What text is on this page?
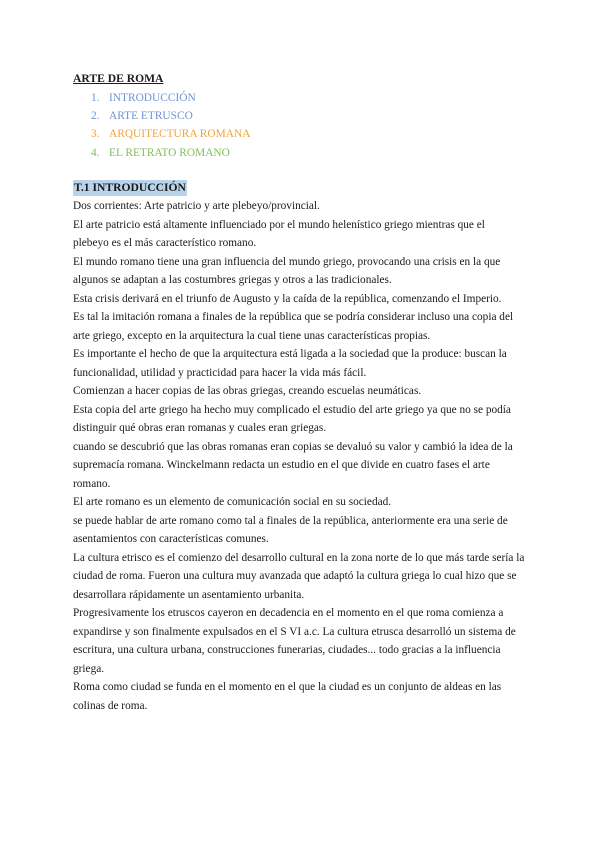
ARTE DE ROMA
1. INTRODUCCIÓN
2. ARTE ETRUSCO
3. ARQUITECTURA ROMANA
4. EL RETRATO ROMANO
T.1 INTRODUCCIÓN
Dos corrientes: Arte patricio y arte plebeyo/provincial.
El arte patricio está altamente influenciado por el mundo helenístico griego mientras que el
plebeyo es el más característico romano.
El mundo romano tiene una gran influencia del mundo griego, provocando una crisis en la que
algunos se adaptan a las costumbres griegas y otros a las tradicionales.
Esta crisis derivará en el triunfo de Augusto y la caída de la república, comenzando el Imperio.
Es tal la imitación romana a finales de la república que se podría considerar incluso una copia del
arte griego, excepto en la arquitectura la cual tiene unas características propias.
Es importante el hecho de que la arquitectura está ligada a la sociedad que la produce: buscan la
funcionalidad, utilidad y practicidad para hacer la vida más fácil.
Comienzan a hacer copias de las obras griegas, creando escuelas neumáticas.
Esta copia del arte griego ha hecho muy complicado el estudio del arte griego ya que no se podía
distinguir qué obras eran romanas y cuales eran griegas.
cuando se descubrió que las obras romanas eran copias se devaluó su valor y cambió la idea de la
supremacía romana. Winckelmann redacta un estudio en el que divide en cuatro fases el arte
romano.
El arte romano es un elemento de comunicación social en su sociedad.
se puede hablar de arte romano como tal a finales de la república, anteriormente era una serie de
asentamientos con características comunes.
La cultura etrisco es el comienzo del desarrollo cultural en la zona norte de lo que más tarde sería la
ciudad de roma. Fueron una cultura muy avanzada que adaptó la cultura griega lo cual hizo que se
desarrollara rápidamente un asentamiento urbanita.
Progresivamente los etruscos cayeron en decadencia en el momento en el que roma comienza a
expandirse y son finalmente expulsados en el S VI a.c. La cultura etrusca desarrolló un sistema de
escritura, una cultura urbana, construcciones funerarias, ciudades... todo gracias a la influencia
griega.
Roma como ciudad se funda en el momento en el que la ciudad es un conjunto de aldeas en las
colinas de roma.
